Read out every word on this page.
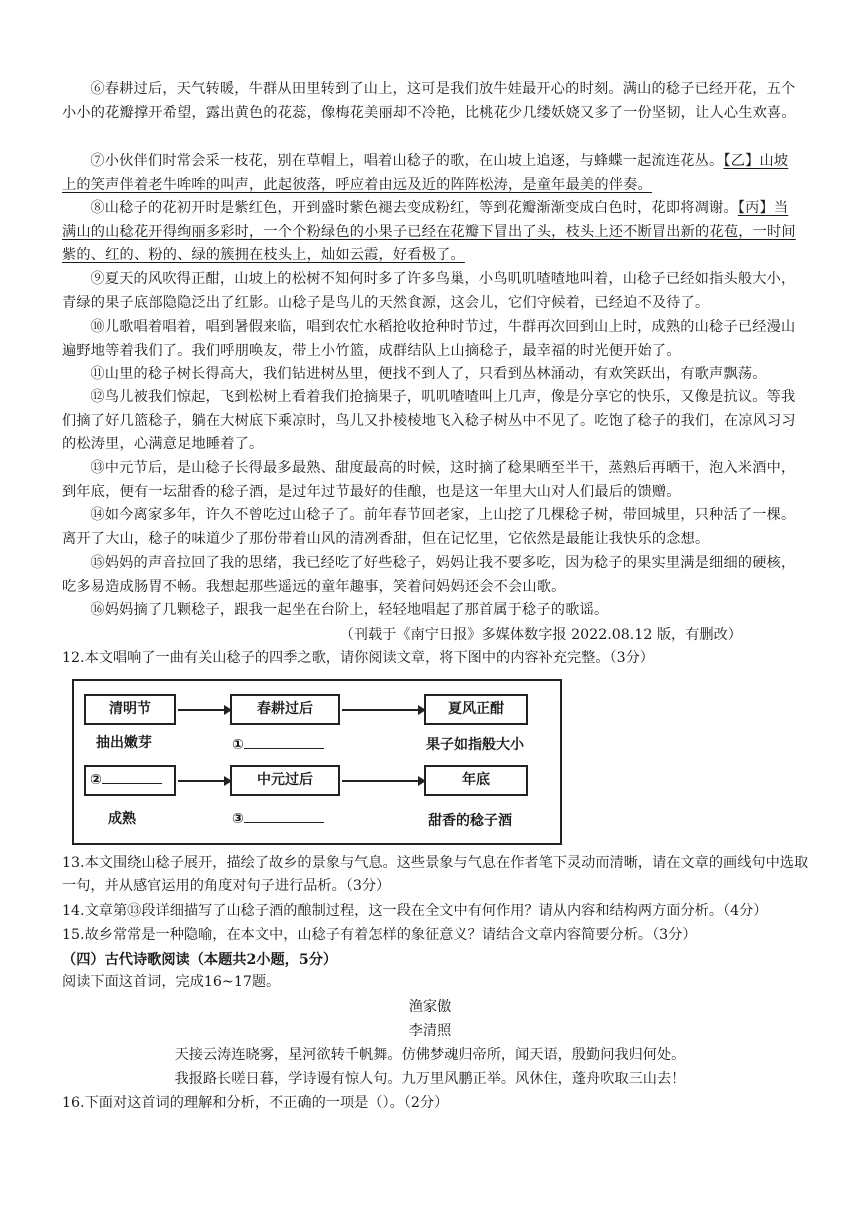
⑥春耕过后，天气转暖，牛群从田里转到了山上，这可是我们放牛娃最开心的时刻。满山的稔子已经开花，五个小小的花瓣撑开希望，露出黄色的花蕊，像梅花美丽却不冷艳，比桃花少几缕妖娆又多了一份坚韧，让人心生欢喜。
⑦小伙伴们时常会采一枝花，别在草帽上，唱着山稔子的歌，在山坡上追逐，与蜂蝶一起流连花丛。【乙】山坡上的笑声伴着老牛哞哞的叫声，此起彼落，呼应着由远及近的阵阵松涛，是童年最美的伴奏。
⑧山稔子的花初开时是紫红色，开到盛时紫色褪去变成粉红，等到花瓣渐渐变成白色时，花即将凋谢。【丙】当满山的山稔花开得绚丽多彩时，一个个粉绿色的小果子已经在花瓣下冒出了头，枝头上还不断冒出新的花苞，一时间紫的、红的、粉的、绿的簇拥在枝头上，灿如云霞，好看极了。
⑨夏天的风吹得正酣，山坡上的松树不知何时多了许多鸟巢，小鸟叽叽喳喳地叫着，山稔子已经如指头般大小，青绿的果子底部隐隐泛出了红影。山稔子是鸟儿的天然食源，这会儿，它们守候着，已经迫不及待了。
⑩儿歌唱着唱着，唱到暑假来临，唱到农忙水稻抢收抢种时节过，牛群再次回到山上时，成熟的山稔子已经漫山遍野地等着我们了。我们呼朋唤友，带上小竹篮，成群结队上山摘稔子，最幸福的时光便开始了。
⑪山里的稔子树长得高大，我们钻进树丛里，便找不到人了，只看到丛林涌动，有欢笑跃出，有歌声飘荡。
⑫鸟儿被我们惊起，飞到松树上看着我们抢摘果子，叽叽喳喳叫上几声，像是分享它的快乐，又像是抗议。等我们摘了好几篮稔子，躺在大树底下乘凉时，鸟儿又扑棱棱地飞入稔子树丛中不见了。吃饱了稔子的我们，在凉风习习的松涛里，心满意足地睡着了。
⑬中元节后，是山稔子长得最多最熟、甜度最高的时候，这时摘了稔果晒至半干，蒸熟后再晒干，泡入米酒中，到年底，便有一坛甜香的稔子酒，是过年过节最好的佳酿，也是这一年里大山对人们最后的馈赠。
⑭如今离家多年，许久不曾吃过山稔子了。前年春节回老家，上山挖了几棵稔子树，带回城里，只种活了一棵。离开了大山，稔子的味道少了那份带着山风的清冽香甜，但在记忆里，它依然是最能让我快乐的念想。
⑮妈妈的声音拉回了我的思绪，我已经吃了好些稔子，妈妈让我不要多吃，因为稔子的果实里满是细细的硬核，吃多易造成肠胃不畅。我想起那些遥远的童年趣事，笑着问妈妈还会不会山歌。
⑯妈妈摘了几颗稔子，跟我一起坐在台阶上，轻轻地唱起了那首属于稔子的歌谣。
（刊载于《南宁日报》多媒体数字报 2022.08.12 版，有删改）
12.本文唱响了一曲有关山稔子的四季之歌，请你阅读文章，将下图中的内容补充完整。（3分）
清明节	春耕过后	夏风正酣
抽出嫩芽	①	果子如指般大小
②	中元过后	年底
成熟	③	甜香的稔子酒
13.本文围绕山稔子展开，描绘了故乡的景象与气息。这些景象与气息在作者笔下灵动而清晰，请在文章的画线句中选取一句，并从感官运用的角度对句子进行品析。（3分）
14.文章第⑬段详细描写了山稔子酒的酿制过程，这一段在全文中有何作用？请从内容和结构两方面分析。（4分）
15.故乡常常是一种隐喻，在本文中，山稔子有着怎样的象征意义？请结合文章内容简要分析。（3分）
（四）古代诗歌阅读（本题共2小题，5分）
阅读下面这首词，完成16~17题。
渔家傲
李清照
天接云涛连晓雾，星河欲转千帆舞。仿佛梦魂归帝所，闻天语，殷勤问我归何处。
我报路长嗟日暮，学诗谩有惊人句。九万里风鹏正举。风休住，蓬舟吹取三山去！
16.下面对这首词的理解和分析，不正确的一项是（）。（2分）
